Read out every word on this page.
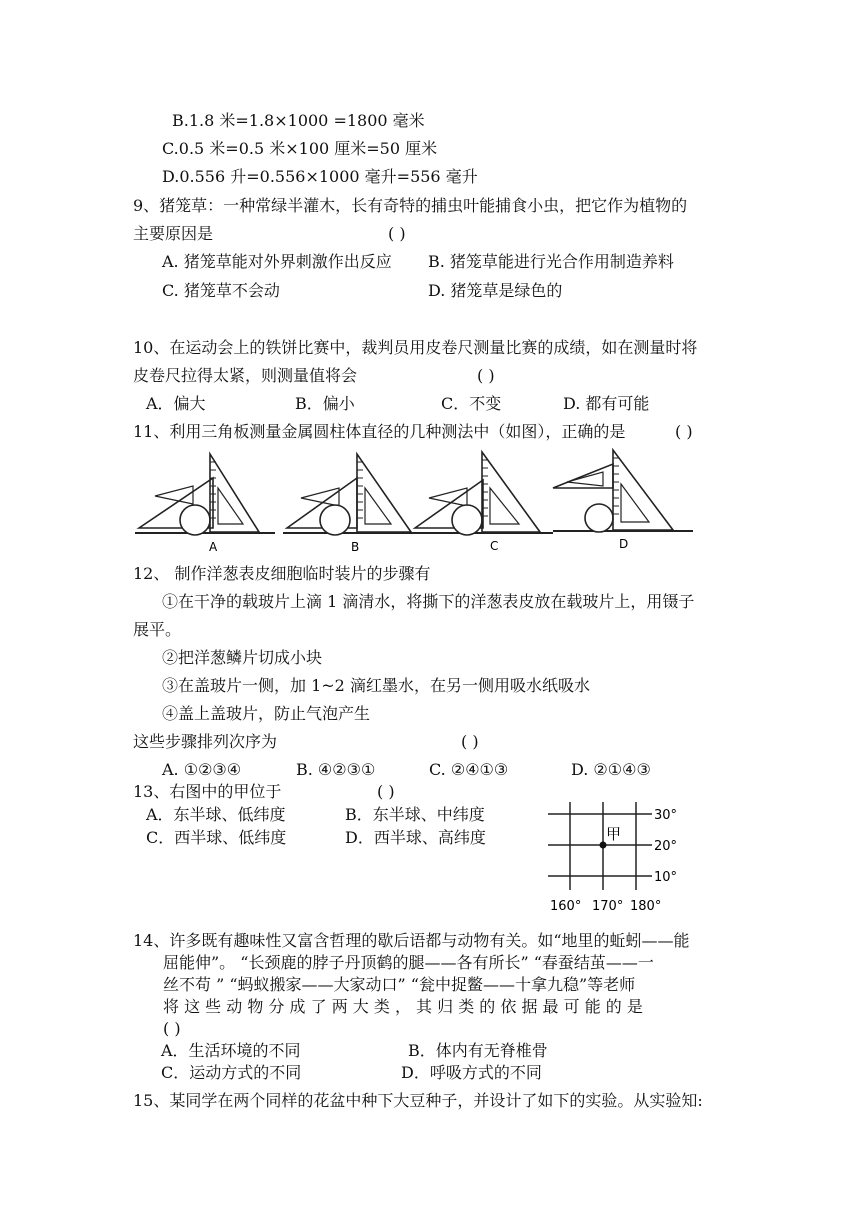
B.1.8 米=1.8×1000 =1800 毫米
C.0.5 米=0.5 米×100 厘米=50 厘米
D.0.556 升=0.556×1000 毫升=556 毫升
9、猪笼草：一种常绿半灌木，长有奇特的捕虫叶能捕食小虫，把它作为植物的
主要原因是	( )
A. 猪笼草能对外界刺激作出反应 B. 猪笼草能进行光合作用制造养料
C. 猪笼草不会动	D. 猪笼草是绿色的
10、在运动会上的铁饼比赛中，裁判员用皮卷尺测量比赛的成绩，如在测量时将
皮卷尺拉得太紧，则测量值将会	( )
A．偏大	B．偏小	C．不变	D. 都有可能
11、利用三角板测量金属圆柱体直径的几种测法中（如图），正确的是	( )
A	B	C	D
12、 制作洋葱表皮细胞临时装片的步骤有
①在干净的载玻片上滴 1 滴清水，将撕下的洋葱表皮放在载玻片上，用镊子
展平。
②把洋葱鳞片切成小块
③在盖玻片一侧，加 1~2 滴红墨水，在另一侧用吸水纸吸水
④盖上盖玻片，防止气泡产生
这些步骤排列次序为	( )
A. ①②③④	B. ④②③①	C. ②④①③	D. ②①④③
13、右图中的甲位于	( )
A．东半球、低纬度	B．东半球、中纬度
C．西半球、低纬度	D．西半球、高纬度	甲
30°
20°
10°
160° 170° 180°
14、许多既有趣味性又富含哲理的歇后语都与动物有关。如“地里的蚯蚓——能
屈能伸”。 “长颈鹿的脖子丹顶鹤的腿——各有所长” “春蚕结茧——一
丝不苟 ” “蚂蚁搬家——大家动口” “瓮中捉鳖——十拿九稳”等老师
将 这 些 动 物 分 成 了 两 大 类 ， 其 归 类 的 依 据 最 可 能 的 是
( )
A．生活环境的不同	B．体内有无脊椎骨
C．运动方式的不同	D．呼吸方式的不同
15、某同学在两个同样的花盆中种下大豆种子，并设计了如下的实验。从实验知:
